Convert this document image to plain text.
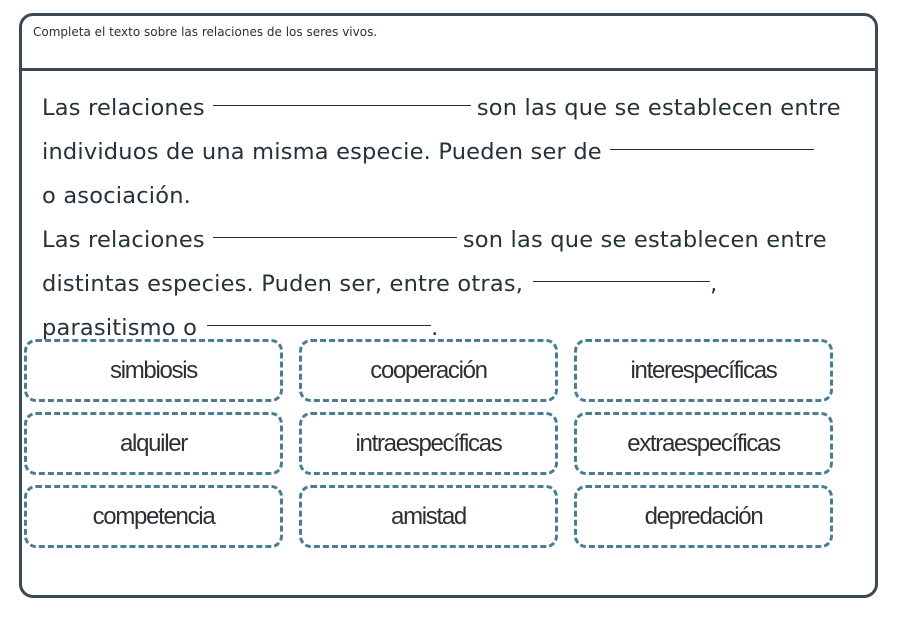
Completa el texto sobre las relaciones de los seres vivos.
Las relaciones	son las que se establecen entre
individuos de una misma especie. Pueden ser de
o asociación.
Las relaciones	son las que se establecen entre
distintas especies. Puden ser, entre otras,	,
parasitismo o	.
simbiosis	cooperación	interespecíficas
alquiler	intraespecíficas	extraespecíficas
competencia	amistad	depredación
